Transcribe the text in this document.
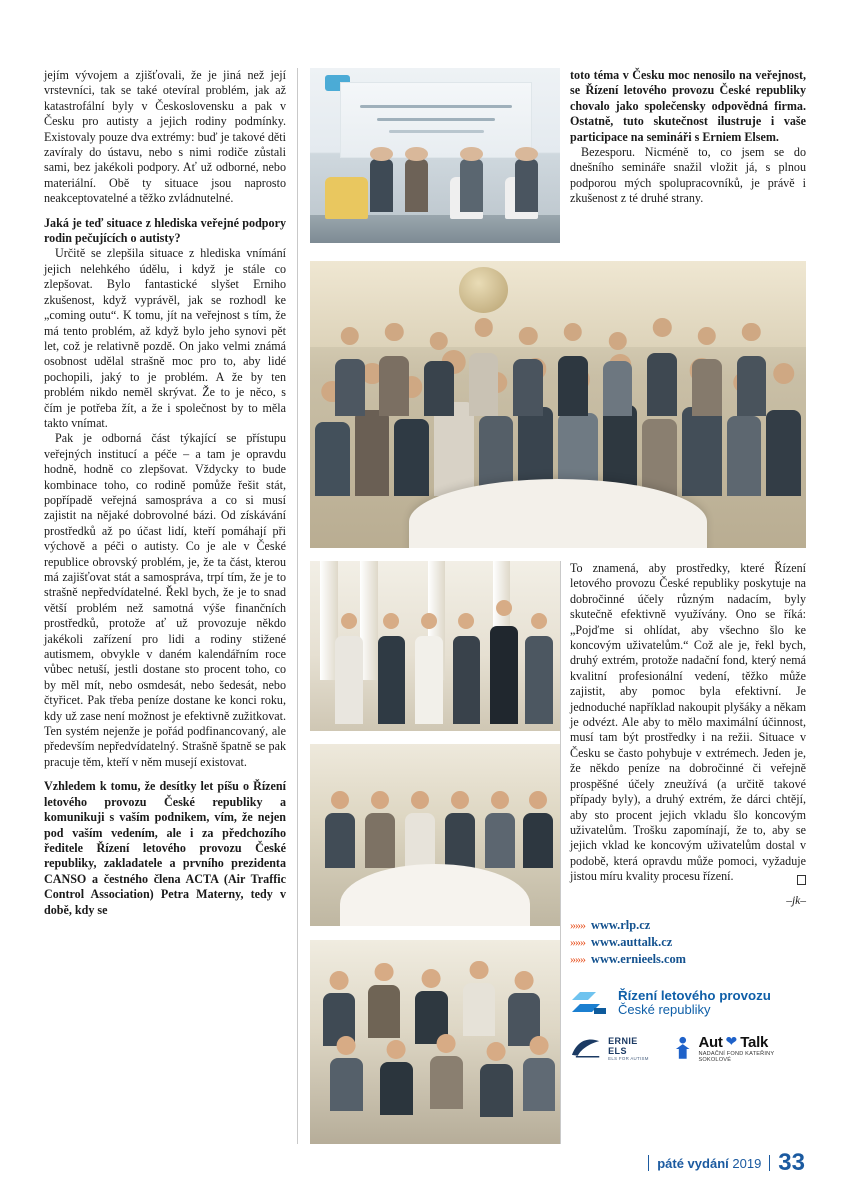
jejím vývojem a zjišťovali, že je jiná než její vrstevníci, tak se také otevíral problém, jak až katastrofální byly v Československu a pak v Česku pro autisty a jejich rodiny podmínky. Existovaly pouze dva extrémy: buď je takové děti zavíraly do ústavu, nebo s nimi rodiče zůstali sami, bez jakékoli podpory. Ať už odborné, nebo materiální. Obě ty situace jsou naprosto neakceptovatelné a těžko zvládnutelné.

Jaká je teď situace z hlediska veřejné podpory rodin pečujících o autisty?

Určitě se zlepšila situace z hlediska vnímání jejich nelehkého údělu, i když je stále co zlepšovat. Bylo fantastické slyšet Erniho zkušenost, když vyprávěl, jak se rozhodl ke „coming outu“. K tomu, jít na veřejnost s tím, že má tento problém, až když bylo jeho synovi pět let, což je relativně pozdě. On jako velmi známá osobnost udělal strašně moc pro to, aby lidé pochopili, jaký to je problém. A že by ten problém nikdo neměl skrývat. Že to je něco, s čím je potřeba žít, a že i společnost by to měla takto vnímat.

Pak je odborná část týkající se přístupu veřejných institucí a péče – a tam je opravdu hodně, hodně co zlepšovat. Vždycky to bude kombinace toho, co rodině pomůže řešit stát, popřípadě veřejná samospráva a co si musí zajistit na nějaké dobrovolné bázi. Od získávání prostředků až po účast lidí, kteří pomáhají při výchově a péči o autisty. Co je ale v České republice obrovský problém, je, že ta část, kterou má zajišťovat stát a samospráva, trpí tím, že je to strašně nepředvídatelné. Řekl bych, že je to snad větší problém než samotná výše finančních prostředků, protože ať už provozuje někdo jakékoli zařízení pro lidi a rodiny stižené autismem, obvykle v daném kalendářním roce vůbec netuší, jestli dostane sto procent toho, co by měl mít, nebo osmdesát, nebo šedesát, nebo čtyřicet. Pak třeba peníze dostane ke konci roku, kdy už zase není možnost je efektivně zužitkovat. Ten systém nejenže je pořád podfinancovaný, ale především nepředvídatelný. Strašně špatně se pak pracuje těm, kteří v něm musejí existovat.

Vzhledem k tomu, že desítky let píšu o Řízení letového provozu České republiky a komunikuji s vaším podnikem, vím, že nejen pod vaším vedením, ale i za předchozího ředitele Řízení letového provozu České republiky, zakladatele a prvního prezidenta CANSO a čestného člena ACTA (Air Traffic Control Association) Petra Materny, tedy v době, kdy se

toto téma v Česku moc nenosilo na veřejnost, se Řízení letového provozu České republiky chovalo jako společensky odpovědná firma. Ostatně, tuto skutečnost ilustruje i vaše participace na semináři s Erniem Elsem.

Bezesporu. Nicméně to, co jsem se do dnešního semináře snažil vložit já, s plnou podporou mých spolupracovníků, je právě i zkušenost z té druhé strany.

To znamená, aby prostředky, které Řízení letového provozu České republiky poskytuje na dobročinné účely různým nadacím, byly skutečně efektivně využívány. Ono se říká: „Pojďme si ohlídat, aby všechno šlo ke koncovým uživatelům.“ Což ale je, řekl bych, druhý extrém, protože nadační fond, který nemá kvalitní profesionální vedení, těžko může zajistit, aby pomoc byla efektivní. Je jednoduché například nakoupit plyšáky a někam je odvézt. Ale aby to mělo maximální účinnost, musí tam být prostředky i na režii. Situace v Česku se často pohybuje v extrémech. Jeden je, že někdo peníze na dobročinné či veřejně prospěšné účely zneužívá (a určitě takové případy byly), a druhý extrém, že dárci chtějí, aby sto procent jejich vkladu šlo koncovým uživatelům. Trošku zapomínají, že to, aby se jejich vklad ke koncovým uživatelům dostal v podobě, která opravdu může pomoci, vyžaduje jistou míru kvality procesu řízení.

–jk–
»»» www.rlp.cz
»»» www.auttalk.cz
»»» www.ernieels.com
Řízení letového provozu
České republiky
ERNIE ELS
ELS FOR AUTISM
Aut ❤ Talk
NADAČNÍ FOND KATEŘINY SOKOLOVÉ
páté vydání 2019 33
